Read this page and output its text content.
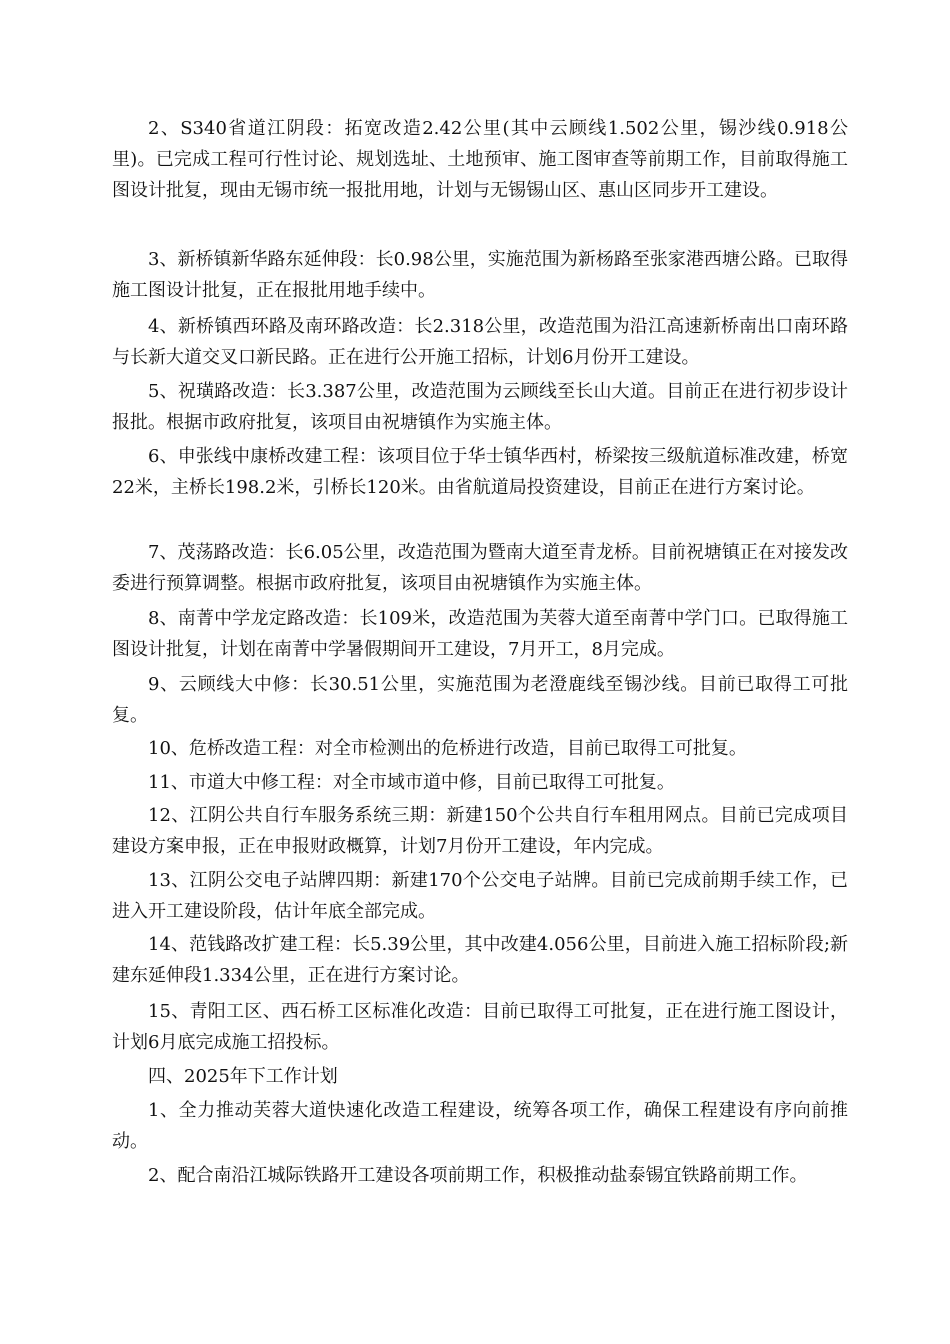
2、S340省道江阴段：拓宽改造2.42公里(其中云顾线1.502公里，锡沙线0.918公里)。已完成工程可行性讨论、规划选址、土地预审、施工图审查等前期工作，目前取得施工图设计批复，现由无锡市统一报批用地，计划与无锡锡山区、惠山区同步开工建设。

3、新桥镇新华路东延伸段：长0.98公里，实施范围为新杨路至张家港西塘公路。已取得施工图设计批复，正在报批用地手续中。

4、新桥镇西环路及南环路改造：长2.318公里，改造范围为沿江高速新桥南出口南环路与长新大道交叉口新民路。正在进行公开施工招标，计划6月份开工建设。

5、祝璜路改造：长3.387公里，改造范围为云顾线至长山大道。目前正在进行初步设计报批。根据市政府批复，该项目由祝塘镇作为实施主体。

6、申张线中康桥改建工程：该项目位于华士镇华西村，桥梁按三级航道标准改建，桥宽22米，主桥长198.2米，引桥长120米。由省航道局投资建设，目前正在进行方案讨论。

7、茂荡路改造：长6.05公里，改造范围为暨南大道至青龙桥。目前祝塘镇正在对接发改委进行预算调整。根据市政府批复，该项目由祝塘镇作为实施主体。

8、南菁中学龙定路改造：长109米，改造范围为芙蓉大道至南菁中学门口。已取得施工图设计批复，计划在南菁中学暑假期间开工建设，7月开工，8月完成。

9、云顾线大中修：长30.51公里，实施范围为老澄鹿线至锡沙线。目前已取得工可批复。

10、危桥改造工程：对全市检测出的危桥进行改造，目前已取得工可批复。

11、市道大中修工程：对全市域市道中修，目前已取得工可批复。

12、江阴公共自行车服务系统三期：新建150个公共自行车租用网点。目前已完成项目建设方案申报，正在申报财政概算，计划7月份开工建设，年内完成。

13、江阴公交电子站牌四期：新建170个公交电子站牌。目前已完成前期手续工作，已进入开工建设阶段，估计年底全部完成。

14、范钱路改扩建工程：长5.39公里，其中改建4.056公里，目前进入施工招标阶段;新建东延伸段1.334公里，正在进行方案讨论。

15、青阳工区、西石桥工区标准化改造：目前已取得工可批复，正在进行施工图设计，计划6月底完成施工招投标。

四、2025年下工作计划

1、全力推动芙蓉大道快速化改造工程建设，统筹各项工作，确保工程建设有序向前推动。

2、配合南沿江城际铁路开工建设各项前期工作，积极推动盐泰锡宜铁路前期工作。
